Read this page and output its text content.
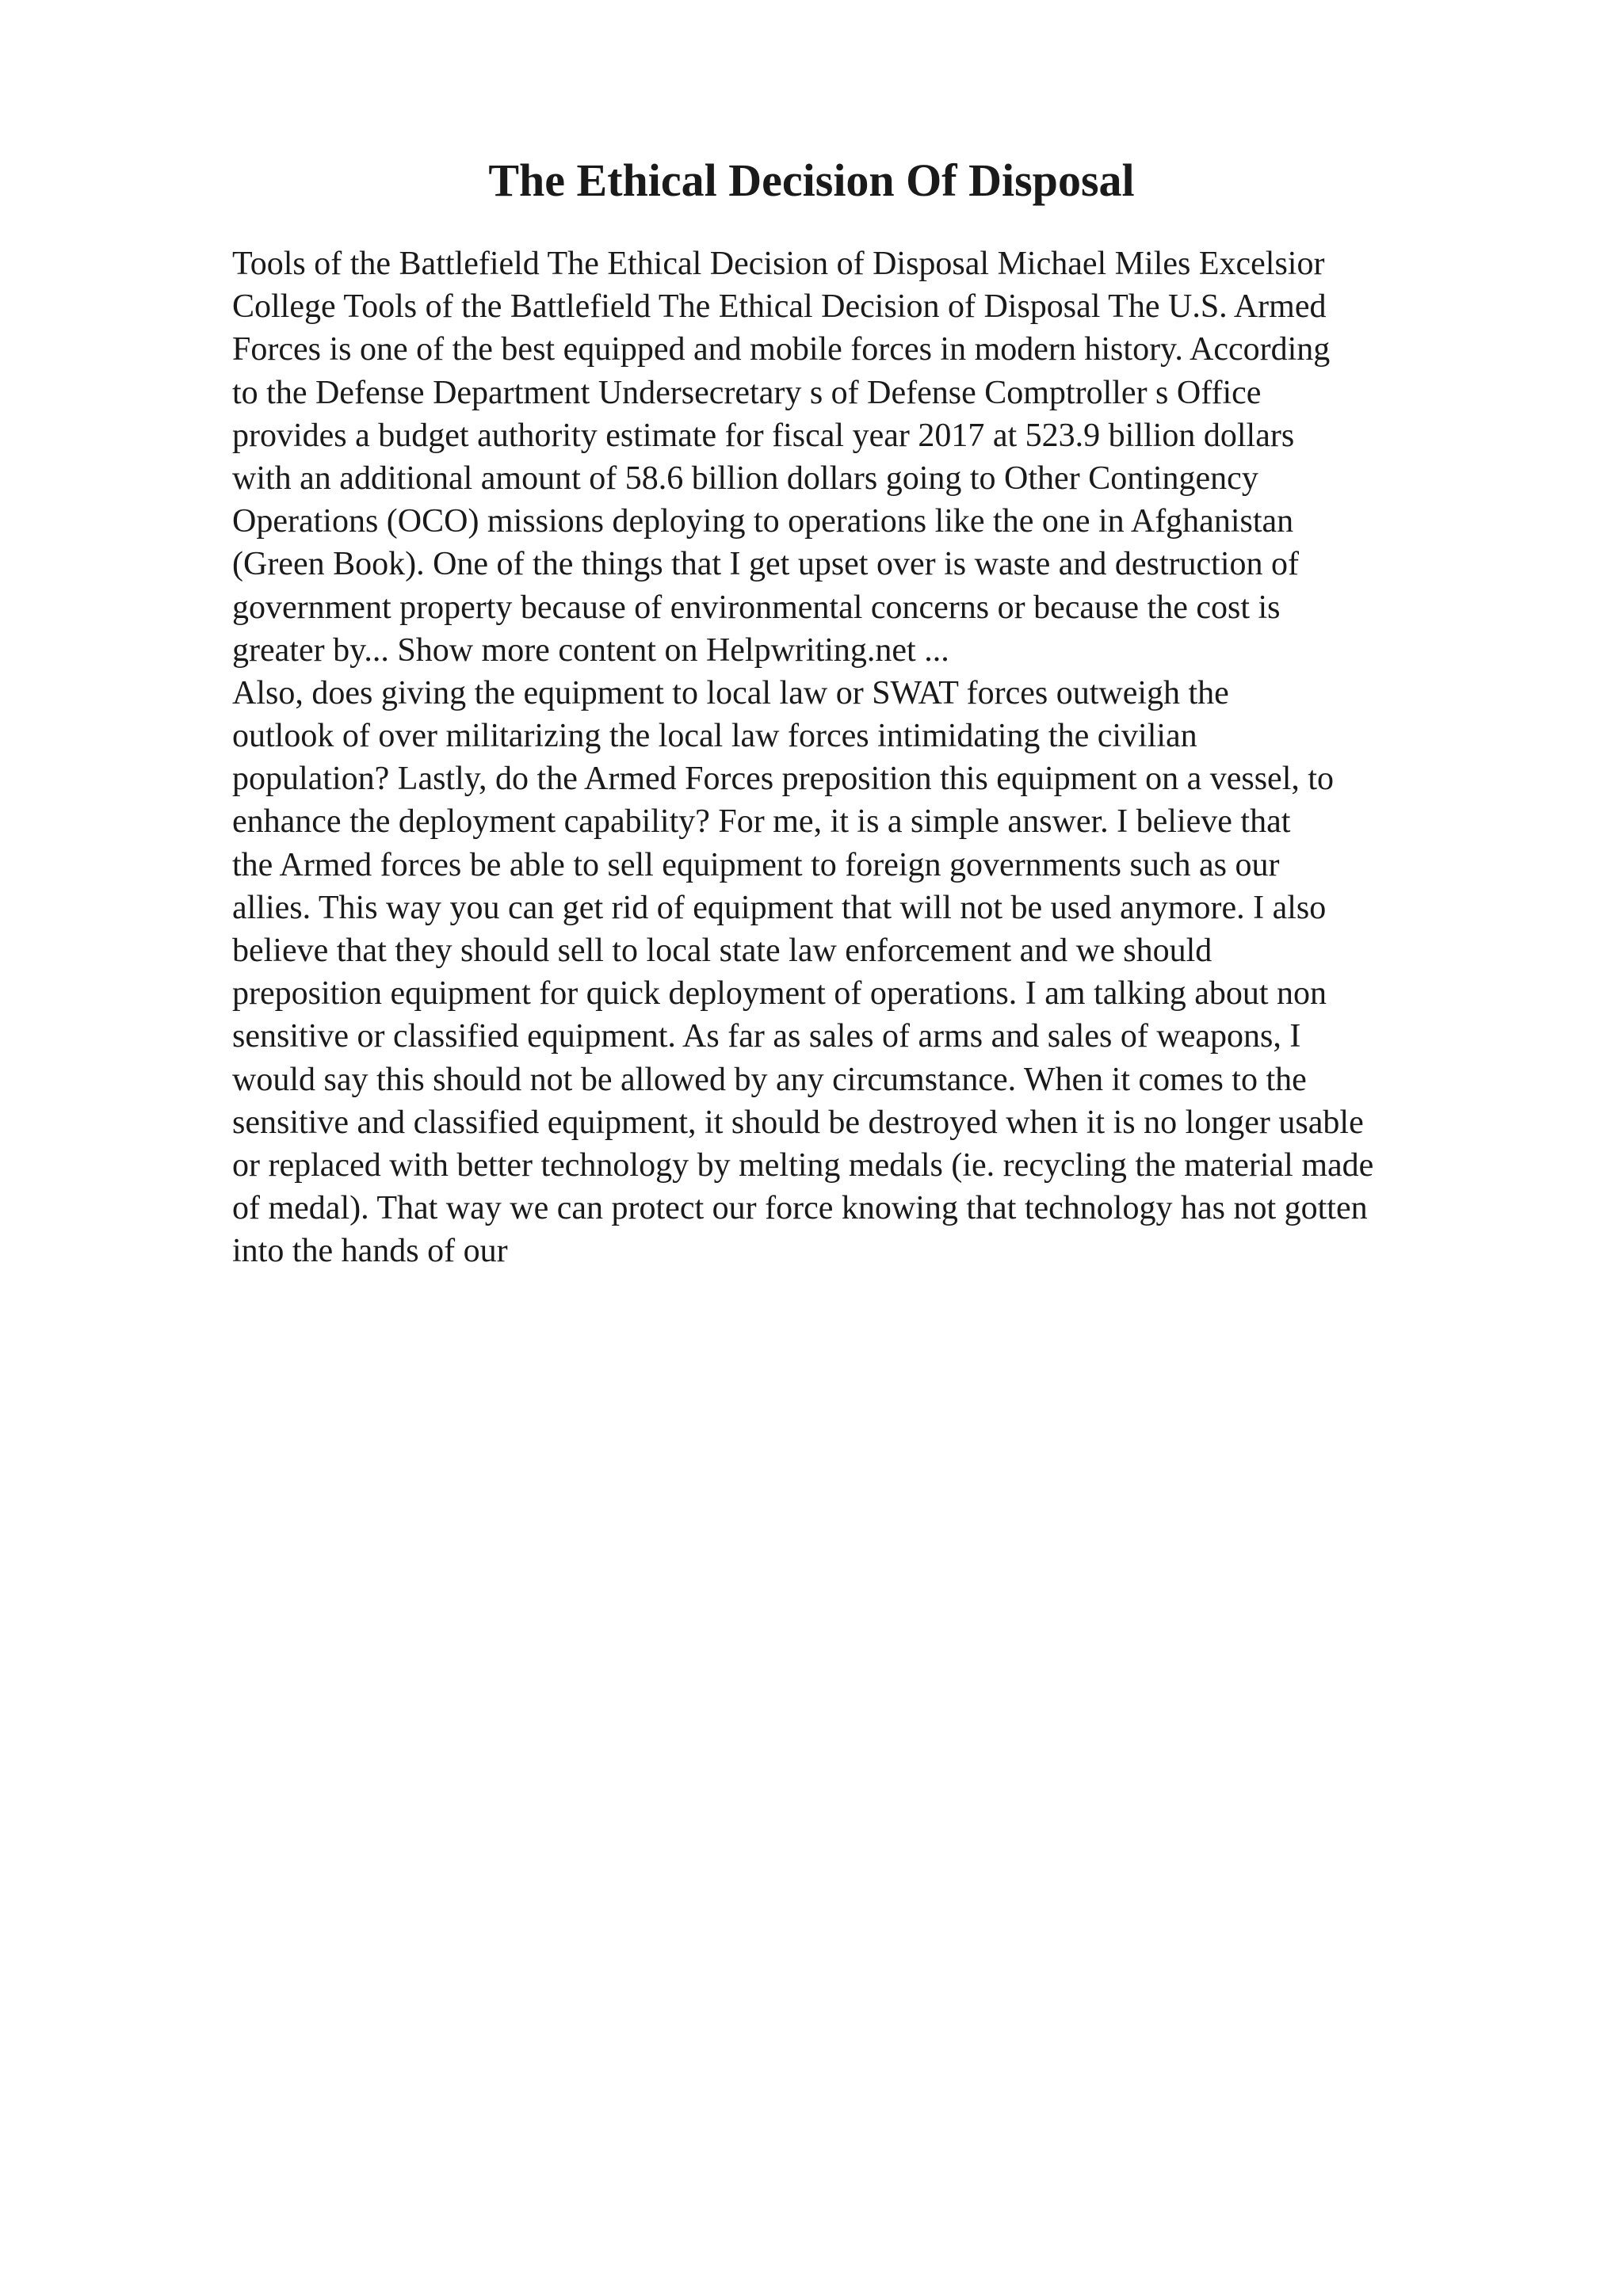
The Ethical Decision Of Disposal
Tools of the Battlefield The Ethical Decision of Disposal Michael Miles Excelsior
College Tools of the Battlefield The Ethical Decision of Disposal The U.S. Armed
Forces is one of the best equipped and mobile forces in modern history. According
to the Defense Department Undersecretary s of Defense Comptroller s Office
provides a budget authority estimate for fiscal year 2017 at 523.9 billion dollars
with an additional amount of 58.6 billion dollars going to Other Contingency
Operations (OCO) missions deploying to operations like the one in Afghanistan
(Green Book). One of the things that I get upset over is waste and destruction of
government property because of environmental concerns or because the cost is
greater by... Show more content on Helpwriting.net ...
Also, does giving the equipment to local law or SWAT forces outweigh the
outlook of over militarizing the local law forces intimidating the civilian
population? Lastly, do the Armed Forces preposition this equipment on a vessel, to
enhance the deployment capability? For me, it is a simple answer. I believe that
the Armed forces be able to sell equipment to foreign governments such as our
allies. This way you can get rid of equipment that will not be used anymore. I also
believe that they should sell to local state law enforcement and we should
preposition equipment for quick deployment of operations. I am talking about non
sensitive or classified equipment. As far as sales of arms and sales of weapons, I
would say this should not be allowed by any circumstance. When it comes to the
sensitive and classified equipment, it should be destroyed when it is no longer usable
or replaced with better technology by melting medals (ie. recycling the material made
of medal). That way we can protect our force knowing that technology has not gotten
into the hands of our
